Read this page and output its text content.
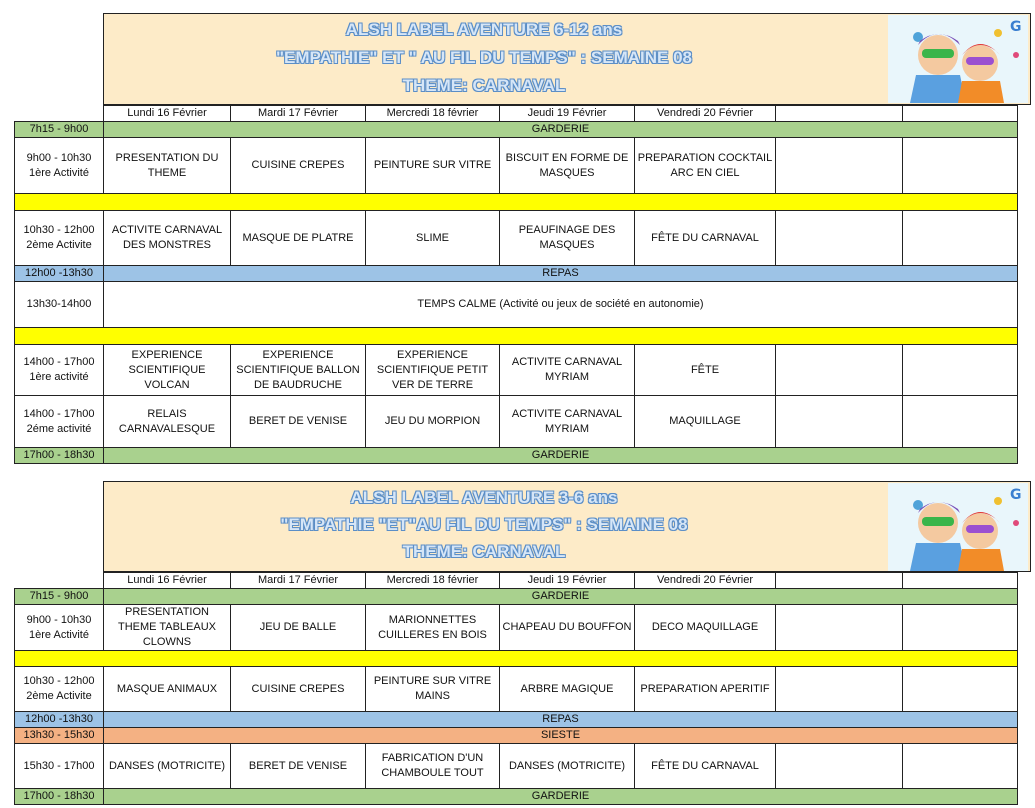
ALSH LABEL AVENTURE 6-12 ans
"EMPATHIE" ET " AU FIL DU TEMPS" : SEMAINE 08
THEME: CARNAVAL
G
	Lundi 16 Février	Mardi 17 Février	Mercredi 18 février	Jeudi 19 Février	Vendredi 20 Février		
7h15 - 9h00	GARDERIE						
9h00 - 10h30
1ère Activité	PRESENTATION DU THEME	CUISINE CREPES	PEINTURE SUR VITRE	BISCUIT EN FORME DE MASQUES	PREPARATION COCKTAIL ARC EN CIEL		

10h30 - 12h00
2ème Activite	ACTIVITE CARNAVAL DES MONSTRES	MASQUE DE PLATRE	SLIME	PEAUFINAGE DES MASQUES	FÊTE DU CARNAVAL		
12h00 -13h30	REPAS						
13h30-14h00	TEMPS CALME (Activité ou jeux de société en autonomie)						

14h00 - 17h00
1ère activité	EXPERIENCE SCIENTIFIQUE VOLCAN	EXPERIENCE SCIENTIFIQUE BALLON DE BAUDRUCHE	EXPERIENCE SCIENTIFIQUE PETIT VER DE TERRE	ACTIVITE CARNAVAL MYRIAM	FÊTE		
14h00 - 17h00
2éme activité	RELAIS CARNAVALESQUE	BERET DE VENISE	JEU DU MORPION	ACTIVITE CARNAVAL MYRIAM	MAQUILLAGE		
17h00 - 18h30	GARDERIE						
ALSH LABEL AVENTURE 3-6 ans
"EMPATHIE "ET"AU FIL DU TEMPS" : SEMAINE 08
THEME: CARNAVAL
G
	Lundi 16 Février	Mardi 17 Février	Mercredi 18 février	Jeudi 19 Février	Vendredi 20 Février		
7h15 - 9h00	GARDERIE						
9h00 - 10h30
1ère Activité	PRESENTATION THEME TABLEAUX CLOWNS	JEU DE BALLE	MARIONNETTES CUILLERES EN BOIS	CHAPEAU DU BOUFFON	DECO MAQUILLAGE		

10h30 - 12h00
2ème Activite	MASQUE ANIMAUX	CUISINE CREPES	PEINTURE SUR VITRE MAINS	ARBRE MAGIQUE	PREPARATION APERITIF		
12h00 -13h30	REPAS						
13h30 - 15h30	SIESTE						
15h30 - 17h00	DANSES (MOTRICITE)	BERET DE VENISE	FABRICATION D'UN CHAMBOULE TOUT	DANSES (MOTRICITE)	FÊTE DU CARNAVAL		
17h00 - 18h30	GARDERIE						
